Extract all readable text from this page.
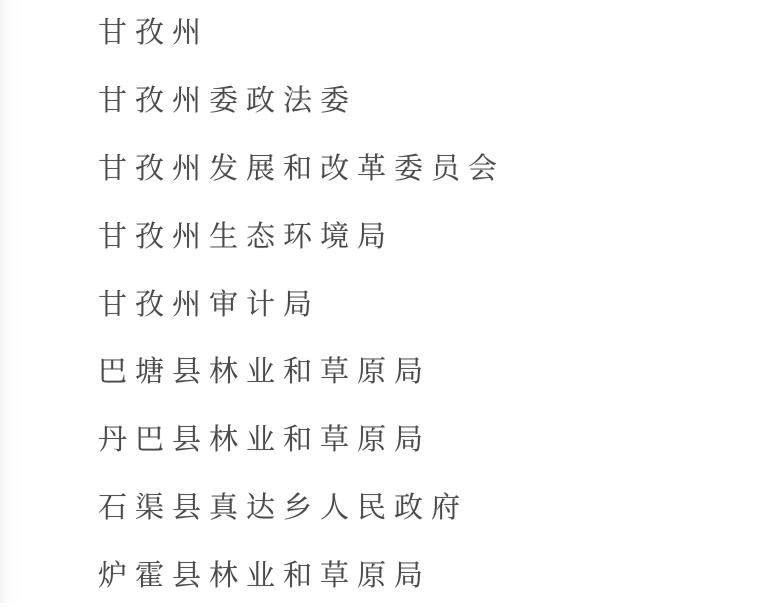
甘孜州
甘孜州委政法委
甘孜州发展和改革委员会
甘孜州生态环境局
甘孜州审计局
巴塘县林业和草原局
丹巴县林业和草原局
石渠县真达乡人民政府
炉霍县林业和草原局
